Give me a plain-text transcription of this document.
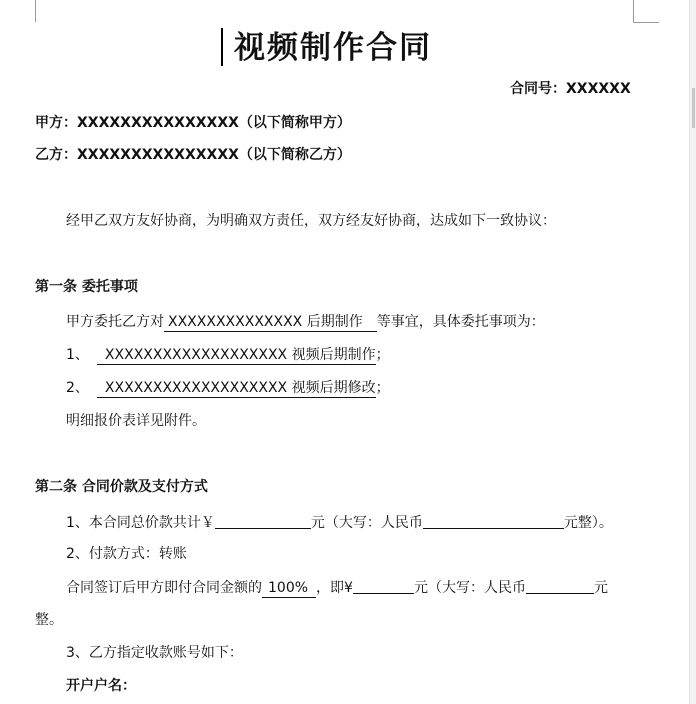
视频制作合同
合同号：XXXXXX
甲方：XXXXXXXXXXXXXXX（以下简称甲方）
乙方：XXXXXXXXXXXXXXX（以下简称乙方）
经甲乙双方友好协商，为明确双方责任，双方经友好协商，达成如下一致协议：
第一条 委托事项
甲方委托乙方对 XXXXXXXXXXXXXX 后期制作 等事宜，具体委托事项为：
1、 XXXXXXXXXXXXXXXXXXX 视频后期制作；
2、 XXXXXXXXXXXXXXXXXXX 视频后期修改；
明细报价表详见附件。
第二条 合同价款及支付方式
1、本合同总价款共计￥	元（大写：人民币	元整）。
2、付款方式：转账
合同签订后甲方即付合同金额的 100% ，即¥	元（大写：人民币	元
整。
3、乙方指定收款账号如下：
开户户名：
